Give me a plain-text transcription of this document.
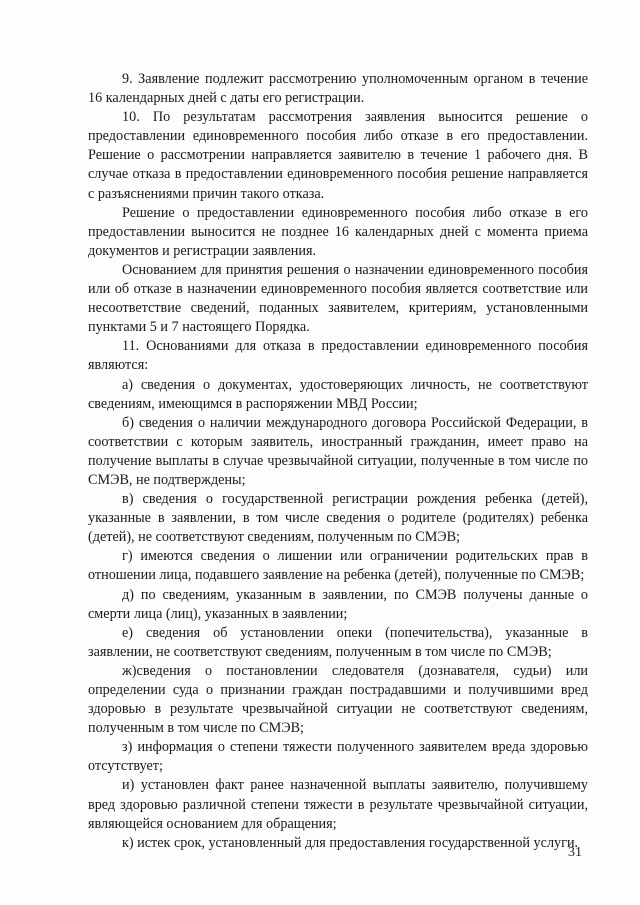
9. Заявление подлежит рассмотрению уполномоченным органом в течение 16 календарных дней с даты его регистрации.

10. По результатам рассмотрения заявления выносится решение о предоставлении единовременного пособия либо отказе в его предоставлении. Решение о рассмотрении направляется заявителю в течение 1 рабочего дня. В случае отказа в предоставлении единовременного пособия решение направляется с разъяснениями причин такого отказа.

Решение о предоставлении единовременного пособия либо отказе в его предоставлении выносится не позднее 16 календарных дней с момента приема документов и регистрации заявления.

Основанием для принятия решения о назначении единовременного пособия или об отказе в назначении единовременного пособия является соответствие или несоответствие сведений, поданных заявителем, критериям, установленными пунктами 5 и 7 настоящего Порядка.

11. Основаниями для отказа в предоставлении единовременного пособия являются:

а) сведения о документах, удостоверяющих личность, не соответствуют сведениям, имеющимся в распоряжении МВД России;

б) сведения о наличии международного договора Российской Федерации, в соответствии с которым заявитель, иностранный гражданин, имеет право на получение выплаты в случае чрезвычайной ситуации, полученные в том числе по СМЭВ, не подтверждены;

в) сведения о государственной регистрации рождения ребенка (детей), указанные в заявлении, в том числе сведения о родителе (родителях) ребенка (детей), не соответствуют сведениям, полученным по СМЭВ;

г) имеются сведения о лишении или ограничении родительских прав в отношении лица, подавшего заявление на ребенка (детей), полученные по СМЭВ;

д) по сведениям, указанным в заявлении, по СМЭВ получены данные о смерти лица (лиц), указанных в заявлении;

е) сведения об установлении опеки (попечительства), указанные в заявлении, не соответствуют сведениям, полученным в том числе по СМЭВ;

ж)сведения о постановлении следователя (дознавателя, судьи) или определении суда о признании граждан пострадавшими и получившими вред здоровью в результате чрезвычайной ситуации не соответствуют сведениям, полученным в том числе по СМЭВ;

з) информация о степени тяжести полученного заявителем вреда здоровью отсутствует;

и) установлен факт ранее назначенной выплаты заявителю, получившему вред здоровью различной степени тяжести в результате чрезвычайной ситуации, являющейся основанием для обращения;

к) истек срок, установленный для предоставления государственной услуги.

31
